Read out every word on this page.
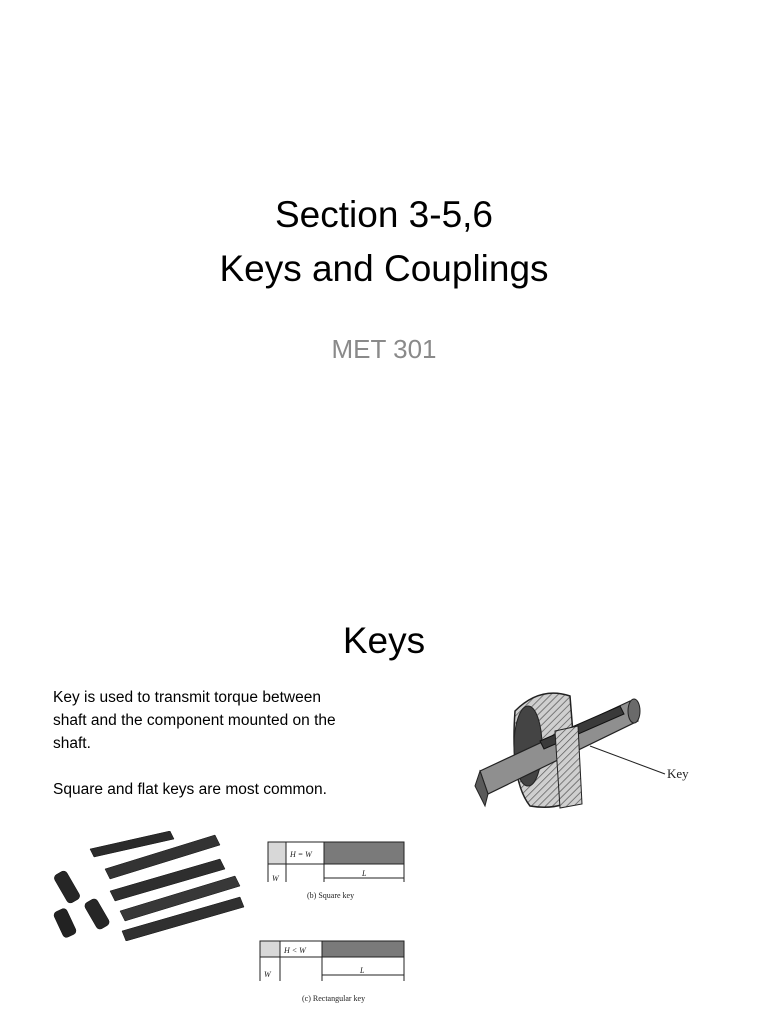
Section 3-5,6
Keys and Couplings
MET 301
Keys

Key is used to transmit torque between shaft and the component mounted on the shaft.

Square and flat keys are most common.

Key
H = W
W
L
(b) Square key
H < W
W	L
(c) Rectangular key
